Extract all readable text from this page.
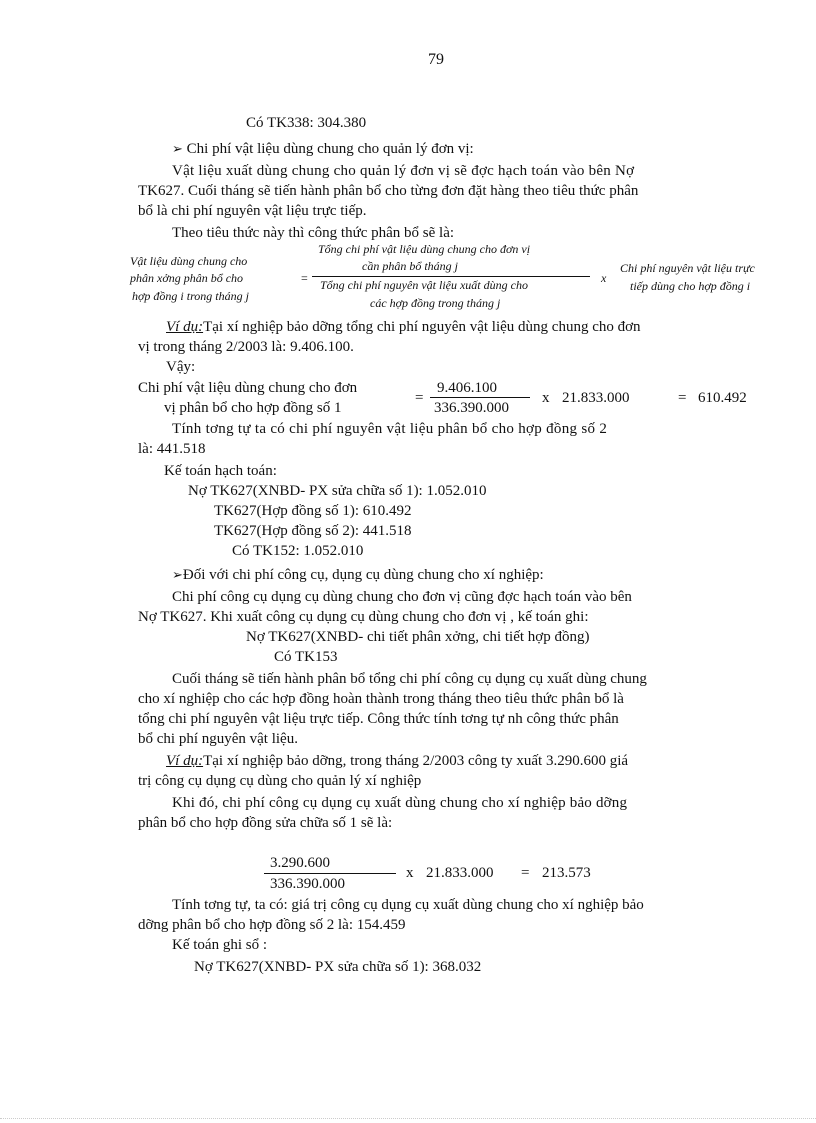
79
Có TK338: 304.380
➢ Chi phí vật liệu dùng chung cho quản lý đơn vị:
Vật liệu xuất dùng chung cho quản lý đơn vị sẽ đợc hạch toán vào bên Nợ
TK627. Cuối tháng sẽ tiến hành phân bổ cho từng đơn đặt hàng theo tiêu thức phân
bổ là chi phí nguyên vật liệu trực tiếp.
Theo tiêu thức này thì công thức phân bổ sẽ là:
Vật liệu dùng chung cho
phân xởng phân bổ cho
hợp đồng i trong tháng j
=
Tổng chi phí vật liệu dùng chung cho đơn vị
cần phân bổ tháng j
Tổng chi phí nguyên vật liệu xuất dùng cho
các hợp đồng trong tháng j
x
Chi phí nguyên vật liệu trực
tiếp dùng cho hợp đồng i
Ví dụ:Tại xí nghiệp bảo dỡng tổng chi phí nguyên vật liệu dùng chung cho đơn
vị trong tháng 2/2003 là: 9.406.100.
Vậy:
Chi phí vật liệu dùng chung cho đơn
vị phân bổ cho hợp đồng số 1
=
9.406.100
336.390.000
x 21.833.000	= 610.492
Tính tơng tự ta có chi phí nguyên vật liệu phân bổ cho hợp đồng số 2
là: 441.518
Kế toán hạch toán:
Nợ TK627(XNBD- PX sửa chữa số 1): 1.052.010
TK627(Hợp đồng số 1): 610.492
TK627(Hợp đồng số 2): 441.518
Có TK152: 1.052.010
➢Đối với chi phí công cụ, dụng cụ dùng chung cho xí nghiệp:
Chi phí công cụ dụng cụ dùng chung cho đơn vị cũng đợc hạch toán vào bên
Nợ TK627. Khi xuất công cụ dụng cụ dùng chung cho đơn vị , kế toán ghi:
Nợ TK627(XNBD- chi tiết phân xởng, chi tiết hợp đồng)
Có TK153
Cuối tháng sẽ tiến hành phân bổ tổng chi phí công cụ dụng cụ xuất dùng chung
cho xí nghiệp cho các hợp đồng hoàn thành trong tháng theo tiêu thức phân bổ là
tổng chi phí nguyên vật liệu trực tiếp. Công thức tính tơng tự nh công thức phân
bổ chi phí nguyên vật liệu.
Ví dụ:Tại xí nghiệp bảo dỡng, trong tháng 2/2003 công ty xuất 3.290.600 giá
trị công cụ dụng cụ dùng cho quản lý xí nghiệp
Khi đó, chi phí công cụ dụng cụ xuất dùng chung cho xí nghiệp bảo dỡng
phân bổ cho hợp đồng sửa chữa số 1 sẽ là:
3.290.600
336.390.000
x 21.833.000 = 213.573
Tính tơng tự, ta có: giá trị công cụ dụng cụ xuất dùng chung cho xí nghiệp bảo
dỡng phân bổ cho hợp đồng số 2 là: 154.459
Kế toán ghi sổ :
Nợ TK627(XNBD- PX sửa chữa số 1): 368.032
